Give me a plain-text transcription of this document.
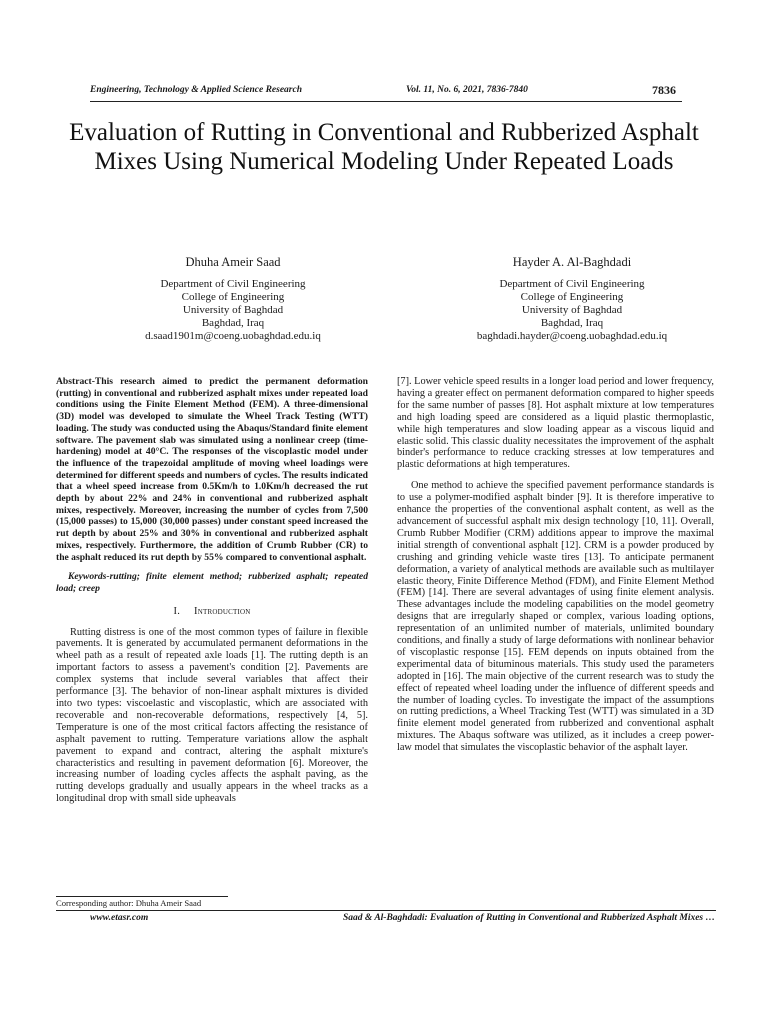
Engineering, Technology & Applied Science Research	Vol. 11, No. 6, 2021, 7836-7840	7836
Evaluation of Rutting in Conventional and Rubberized Asphalt Mixes Using Numerical Modeling Under Repeated Loads
Dhuha Ameir Saad
Department of Civil Engineering
College of Engineering
University of Baghdad
Baghdad, Iraq
d.saad1901m@coeng.uobaghdad.edu.iq
Hayder A. Al-Baghdadi
Department of Civil Engineering
College of Engineering
University of Baghdad
Baghdad, Iraq
baghdadi.hayder@coeng.uobaghdad.edu.iq

Abstract-This research aimed to predict the permanent deformation (rutting) in conventional and rubberized asphalt mixes under repeated load conditions using the Finite Element Method (FEM). A three-dimensional (3D) model was developed to simulate the Wheel Track Testing (WTT) loading. The study was conducted using the Abaqus/Standard finite element software. The pavement slab was simulated using a nonlinear creep (time-hardening) model at 40°C. The responses of the viscoplastic model under the influence of the trapezoidal amplitude of moving wheel loadings were determined for different speeds and numbers of cycles. The results indicated that a wheel speed increase from 0.5Km/h to 1.0Km/h decreased the rut depth by about 22% and 24% in conventional and rubberized asphalt mixes, respectively. Moreover, increasing the number of cycles from 7,500 (15,000 passes) to 15,000 (30,000 passes) under constant speed increased the rut depth by about 25% and 30% in conventional and rubberized asphalt mixes, respectively. Furthermore, the addition of Crumb Rubber (CR) to the asphalt reduced its rut depth by 55% compared to conventional asphalt.

Keywords-rutting; finite element method; rubberized asphalt; repeated load; creep

I. Introduction

Rutting distress is one of the most common types of failure in flexible pavements. It is generated by accumulated permanent deformations in the wheel path as a result of repeated axle loads [1]. The rutting depth is an important factors to assess a pavement's condition [2]. Pavements are complex systems that include several variables that affect their performance [3]. The behavior of non-linear asphalt mixtures is divided into two types: viscoelastic and viscoplastic, which are associated with recoverable and non-recoverable deformations, respectively [4, 5]. Temperature is one of the most critical factors affecting the resistance of asphalt pavement to rutting. Temperature variations allow the asphalt pavement to expand and contract, altering the asphalt mixture's characteristics and resulting in pavement deformation [6]. Moreover, the increasing number of loading cycles affects the asphalt paving, as the rutting develops gradually and usually appears in the wheel tracks as a longitudinal drop with small side upheavals

[7]. Lower vehicle speed results in a longer load period and lower frequency, having a greater effect on permanent deformation compared to higher speeds for the same number of passes [8]. Hot asphalt mixture at low temperatures and high loading speed are considered as a liquid plastic thermoplastic, while high temperatures and slow loading appear as a viscous liquid and elastic solid. This classic duality necessitates the improvement of the asphalt binder's performance to reduce cracking stresses at low temperatures and plastic deformations at high temperatures.

One method to achieve the specified pavement performance standards is to use a polymer-modified asphalt binder [9]. It is therefore imperative to enhance the properties of the conventional asphalt content, as well as the advancement of successful asphalt mix design technology [10, 11]. Overall, Crumb Rubber Modifier (CRM) additions appear to improve the maximal initial strength of conventional asphalt [12]. CRM is a powder produced by crushing and grinding vehicle waste tires [13]. To anticipate permanent deformation, a variety of analytical methods are available such as multilayer elastic theory, Finite Difference Method (FDM), and Finite Element Method (FEM) [14]. There are several advantages of using finite element analysis. These advantages include the modeling capabilities on the model geometry designs that are irregularly shaped or complex, various loading options, representation of an unlimited number of materials, unlimited boundary conditions, and finally a study of large deformations with nonlinear behavior of viscoplastic response [15]. FEM depends on inputs obtained from the experimental data of bituminous materials. This study used the parameters adopted in [16]. The main objective of the current research was to study the effect of repeated wheel loading under the influence of different speeds and the number of loading cycles. To investigate the impact of the assumptions on rutting predictions, a Wheel Tracking Test (WTT) was simulated in a 3D finite element model generated from rubberized and conventional asphalt mixtures. The Abaqus software was utilized, as it includes a creep power-law model that simulates the viscoplastic behavior of the asphalt layer.

Corresponding author: Dhuha Ameir Saad
www.etasr.com	Saad & Al-Baghdadi: Evaluation of Rutting in Conventional and Rubberized Asphalt Mixes …
